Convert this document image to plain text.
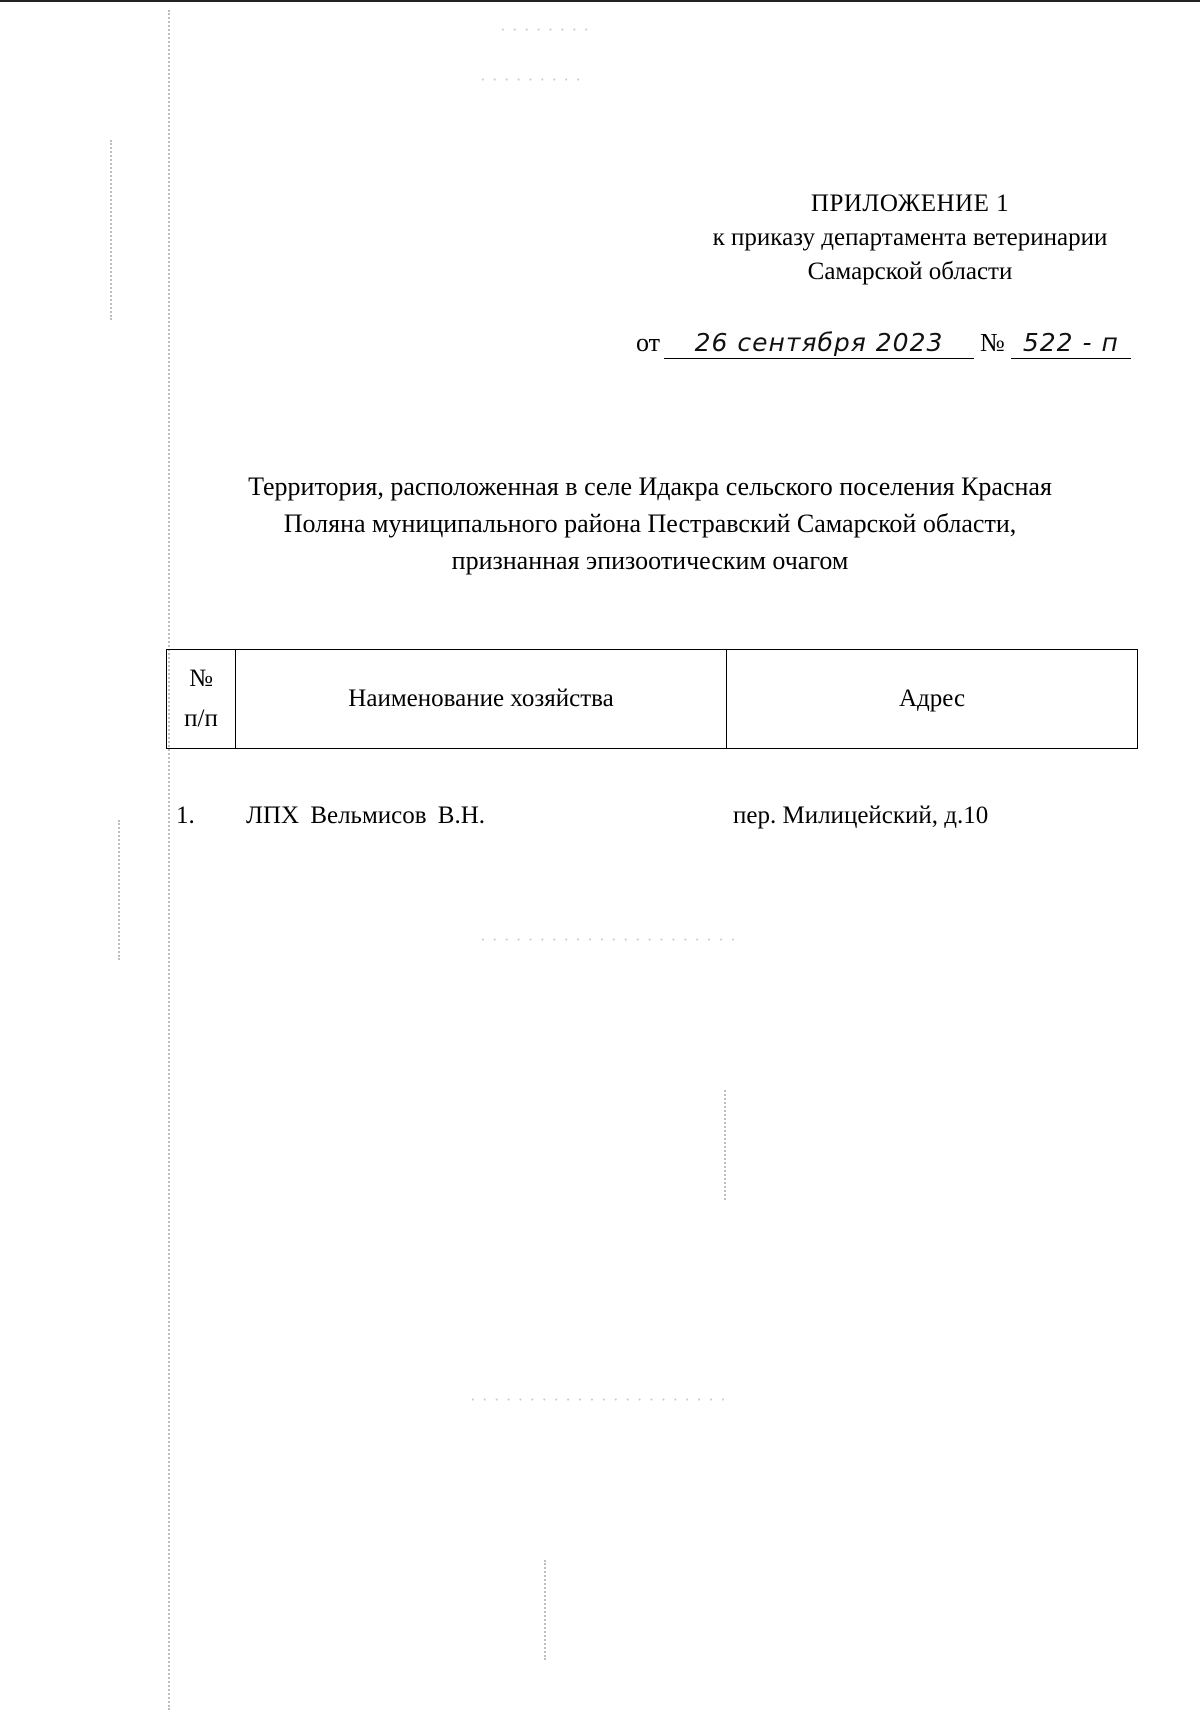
· · · · · · · ·
· · · · · · · · ·
· · · · · · · · · · · · · · · · · · · · · ·
· · · · · · · · · · · · · · · · · · · · · ·
ПРИЛОЖЕНИЕ 1
к приказу департамента ветеринарии
Самарской области
от 26 сентября 2023 № 522 - п
Территория, расположенная в селе Идакра сельского поселения Красная
Поляна муниципального района Пестравский Самарской области,
признанная эпизоотическим очагом
№
п/п
	Наименование хозяйства	Адрес
1. ЛПХ Вельмисов В.Н.	пер. Милицейский, д.10
